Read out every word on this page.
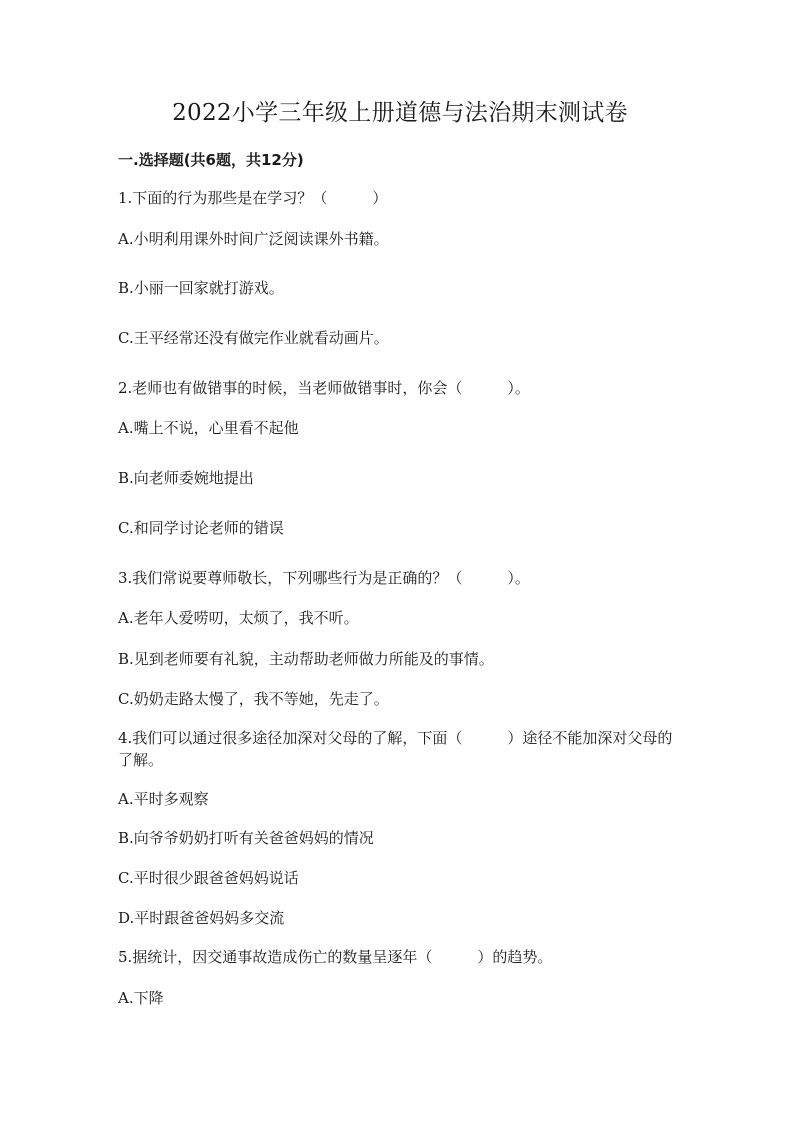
2022小学三年级上册道德与法治期末测试卷
一.选择题(共6题，共12分)
1.下面的行为那些是在学习？（　　　）
A.小明利用课外时间广泛阅读课外书籍。
B.小丽一回家就打游戏。
C.王平经常还没有做完作业就看动画片。
2.老师也有做错事的时候，当老师做错事时，你会（　　　）。
A.嘴上不说，心里看不起他
B.向老师委婉地提出
C.和同学讨论老师的错误
3.我们常说要尊师敬长，下列哪些行为是正确的？（　　　）。
A.老年人爱唠叨，太烦了，我不听。
B.见到老师要有礼貌，主动帮助老师做力所能及的事情。
C.奶奶走路太慢了，我不等她，先走了。
4.我们可以通过很多途径加深对父母的了解，下面（　　　）途径不能加深对父母的了解。
A.平时多观察
B.向爷爷奶奶打听有关爸爸妈妈的情况
C.平时很少跟爸爸妈妈说话
D.平时跟爸爸妈妈多交流
5.据统计，因交通事故造成伤亡的数量呈逐年（　　　）的趋势。
A.下降
